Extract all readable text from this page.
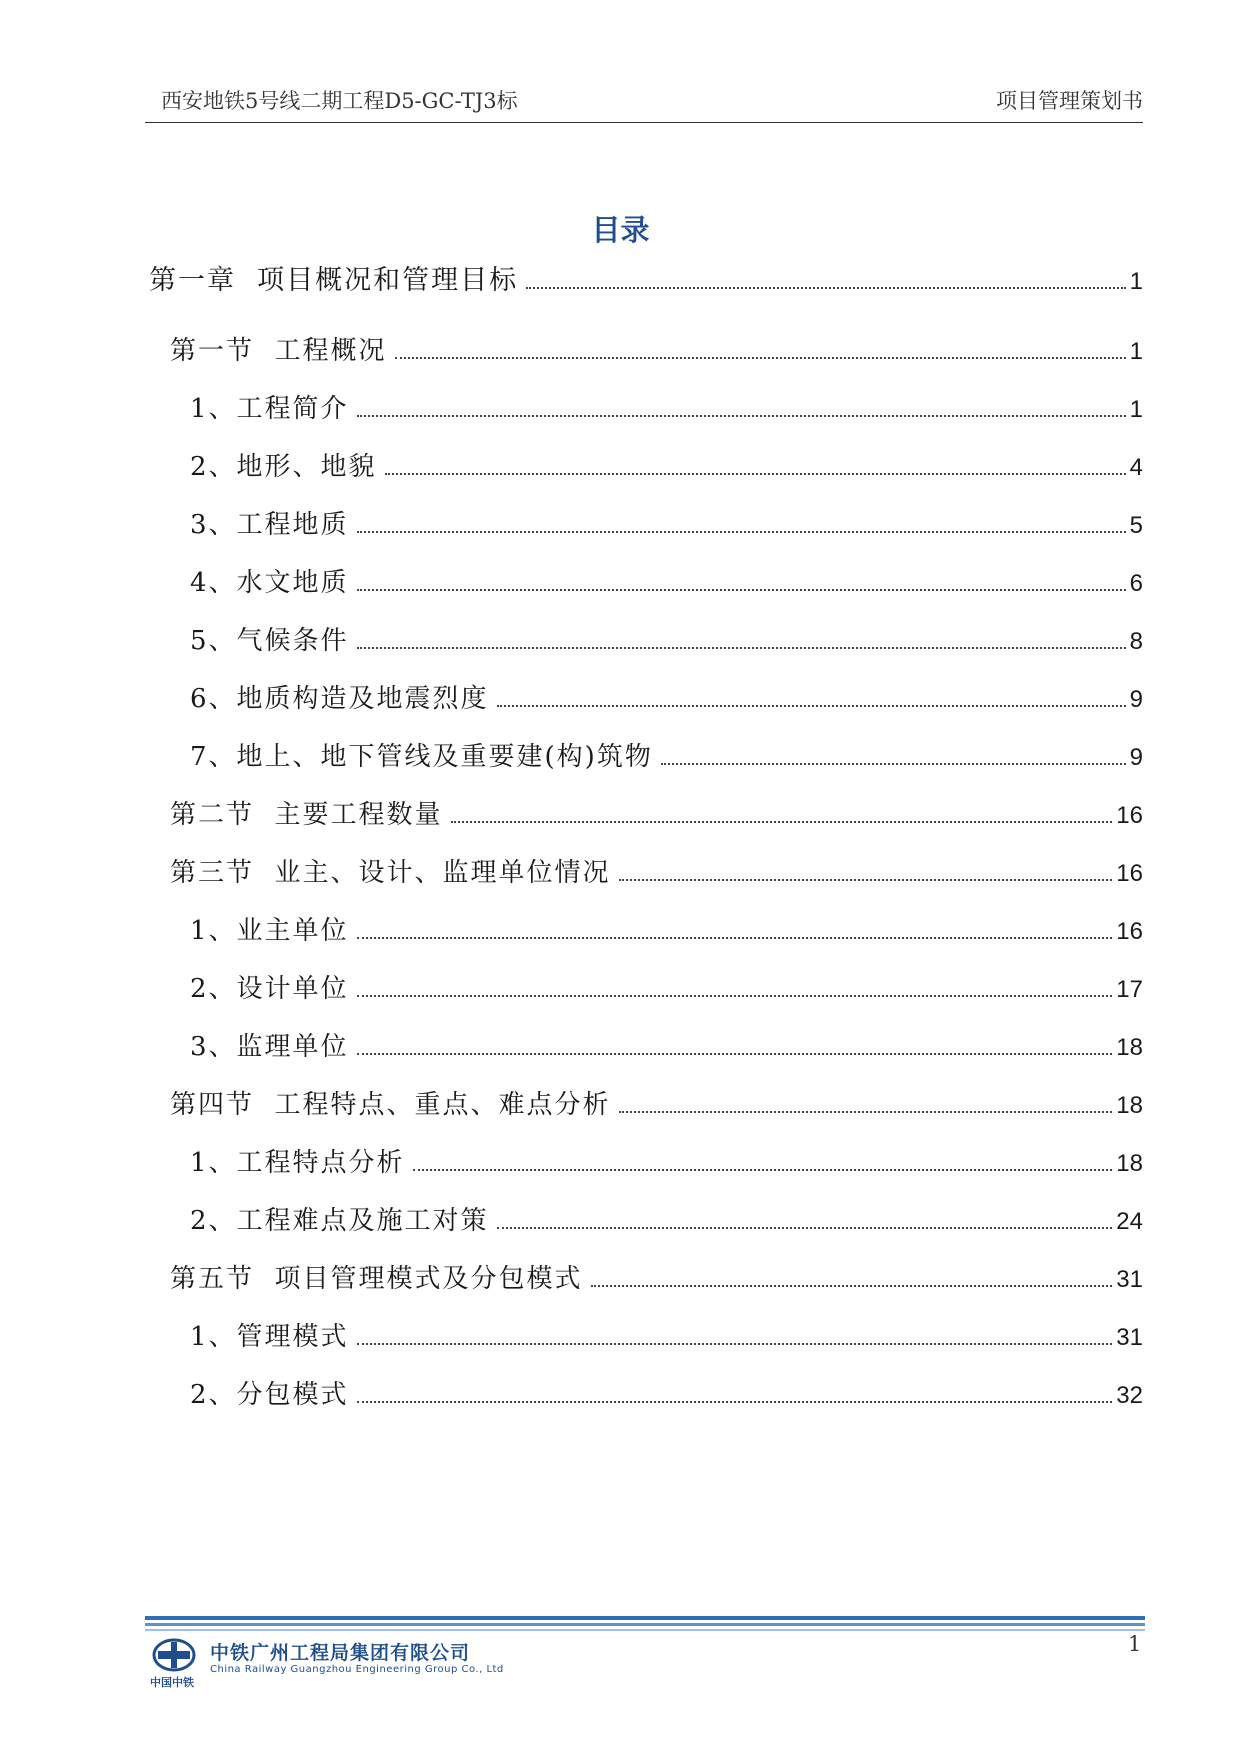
西安地铁5号线二期工程D5-GC-TJ3标	项目管理策划书
目录
第一章  项目概况和管理目标	1
第一节  工程概况	1
1、工程简介	1
2、地形、地貌	4
3、工程地质	5
4、水文地质	6
5、气候条件	8
6、地质构造及地震烈度	9
7、地上、地下管线及重要建(构)筑物	9
第二节  主要工程数量	16
第三节  业主、设计、监理单位情况	16
1、业主单位	16
2、设计单位	17
3、监理单位	18
第四节  工程特点、重点、难点分析	18
1、工程特点分析	18
2、工程难点及施工对策	24
第五节  项目管理模式及分包模式	31
1、管理模式	31
2、分包模式	32
中国中铁
中铁广州工程局集团有限公司
China Railway Guangzhou Engineering Group Co., Ltd
1
